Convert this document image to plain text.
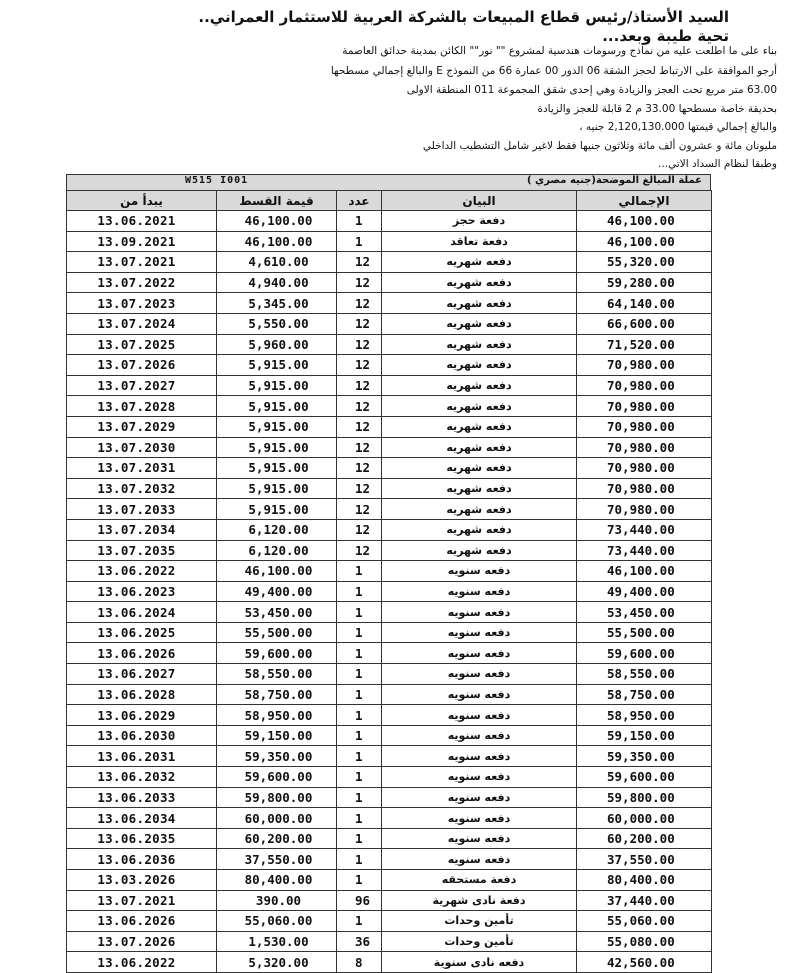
السيد الأستاذ/رئيس قطاع المبيعات بالشركة العربية للاستثمار العمراني..
تحية طيبة وبعد...
بناء على ما اطلعت عليه من نماذج ورسومات هندسية لمشروع "" نور"" الكائن بمدينة حدائق العاصمة
أرجو الموافقة على الارتباط لحجز الشقة 06 الدور 00 عمارة 66 من النموذج E والبالغ إجمالي مسطحها
63.00 متر مربع تحت العجز والزيادة وهي إحدى شقق المجموعة 011 المنطقة الاولى
بحديقة خاصة مسطحها 33.00 م 2 قابلة للعجز والزيادة
والبالغ إجمالي قيمتها 2,120,130.000 جنيه ،
مليونان مائة و عشرون ألف مائة وثلاثون جنيها فقط لاغير شامل التشطيب الداخلي
وطبقا لنظام السداد الاتي...
W515 I001	عملة المبالغ الموضحة(جنيه مصري )
يبدأ من	قيمة القسط	عدد	البيان	الإجمالي
13.06.2021	46,100.00	1	دفعة حجز	46,100.00
13.09.2021	46,100.00	1	دفعة تعاقد	46,100.00
13.07.2021	4,610.00	12	دفعه شهريه	55,320.00
13.07.2022	4,940.00	12	دفعه شهريه	59,280.00
13.07.2023	5,345.00	12	دفعه شهريه	64,140.00
13.07.2024	5,550.00	12	دفعه شهريه	66,600.00
13.07.2025	5,960.00	12	دفعه شهريه	71,520.00
13.07.2026	5,915.00	12	دفعه شهريه	70,980.00
13.07.2027	5,915.00	12	دفعه شهريه	70,980.00
13.07.2028	5,915.00	12	دفعه شهريه	70,980.00
13.07.2029	5,915.00	12	دفعه شهريه	70,980.00
13.07.2030	5,915.00	12	دفعه شهريه	70,980.00
13.07.2031	5,915.00	12	دفعه شهريه	70,980.00
13.07.2032	5,915.00	12	دفعه شهريه	70,980.00
13.07.2033	5,915.00	12	دفعه شهريه	70,980.00
13.07.2034	6,120.00	12	دفعه شهريه	73,440.00
13.07.2035	6,120.00	12	دفعه شهريه	73,440.00
13.06.2022	46,100.00	1	دفعه سنويه	46,100.00
13.06.2023	49,400.00	1	دفعه سنويه	49,400.00
13.06.2024	53,450.00	1	دفعه سنويه	53,450.00
13.06.2025	55,500.00	1	دفعه سنويه	55,500.00
13.06.2026	59,600.00	1	دفعه سنويه	59,600.00
13.06.2027	58,550.00	1	دفعه سنويه	58,550.00
13.06.2028	58,750.00	1	دفعه سنويه	58,750.00
13.06.2029	58,950.00	1	دفعه سنويه	58,950.00
13.06.2030	59,150.00	1	دفعه سنويه	59,150.00
13.06.2031	59,350.00	1	دفعه سنويه	59,350.00
13.06.2032	59,600.00	1	دفعه سنويه	59,600.00
13.06.2033	59,800.00	1	دفعه سنويه	59,800.00
13.06.2034	60,000.00	1	دفعه سنويه	60,000.00
13.06.2035	60,200.00	1	دفعه سنويه	60,200.00
13.06.2036	37,550.00	1	دفعه سنويه	37,550.00
13.03.2026	80,400.00	1	دفعة مستحقه	80,400.00
13.07.2021	390.00	96	دفعة نادى شهرية	37,440.00
13.06.2026	55,060.00	1	تأمين وحدات	55,060.00
13.07.2026	1,530.00	36	تأمين وحدات	55,080.00
13.06.2022	5,320.00	8	دفعه نادى سنوية	42,560.00
